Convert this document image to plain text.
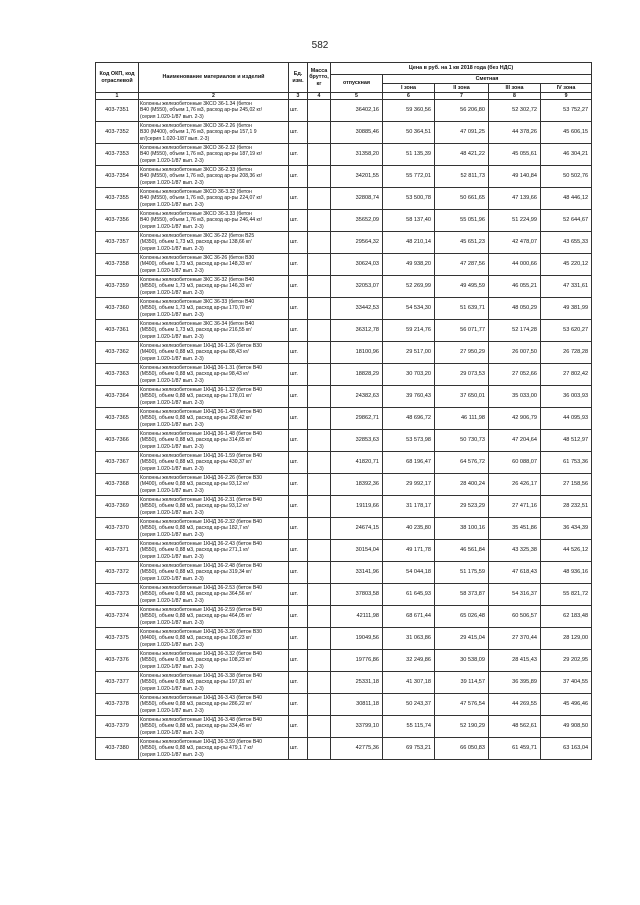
582
Код ОКП, код отраслевой	Наименование материалов и изделий	Ед. изм.	Масса брутто, кг	Цена в руб. на 1 кв 2018 года (без НДС)				
				отпускная	Сметная			
					I зона	II зона	III зона	IV зона
1	2	3	4	5	6	7	8	9
403-7351	Колонны железобетонные 3КСО 36-1.34 (бетон
В40 (М550), объем 1,76 м3, расход ар-ры 245,02 кг/
(серия 1.020-1/87 вып. 2-3)	шт.		36402,16	59 360,56	56 206,80	52 302,72	53 752,27
403-7352	Колонны железобетонные 3КСО 36-2.26 (бетон
В30 (М400), объем 1,76 м3, расход ар-ры 157,1 9
кг/(серия 1.020-1/87 вып. 2-3)	шт.		30885,46	50 364,51	47 091,25	44 378,26	45 606,15
403-7353	Колонны железобетонные 3КСО 36-2.32 (бетон
В40 (М550), объем 1,76 м3, расход ар-ры 187,19 кг/
(серия 1.020-1/87 вып. 2-3)	шт.		31358,20	51 135,39	48 421,22	45 055,61	46 304,21
403-7354	Колонны железобетонные 3КСО 36-2.33 (бетон
В40 (М550), объем 1,76 м3, расход ар-ры 208,36 кг/
(серия 1.020-1/87 вып. 2-3)	шт.		34201,55	55 772,01	52 811,73	49 140,84	50 502,76
403-7355	Колонны железобетонные 3КСО 36-3.32 (бетон
В40 (М550), объем 1,76 м3, расход ар-ры 224,07 кг/
(серия 1.020-1/87 вып. 2-3)	шт.		32808,74	53 500,78	50 661,65	47 139,66	48 446,12
403-7356	Колонны железобетонные 3КСО 36-3.33 (бетон
В40 (М550), объем 1,76 м3, расход ар-ры 246,44 кг/
(серия 1.020-1/87 вып. 2-3)	шт.		35652,09	58 137,40	55 051,96	51 224,99	52 644,67
403-7357	Колонны железобетонные 3КС 36-22 (бетон В25
(М350), объем 1,73 м3, расход ар-ры 138,66 кг/
(серия 1.020-1/87 вып. 2-3)	шт.		29564,32	48 210,14	45 651,23	42 478,07	43 655,33
403-7358	Колонны железобетонные 3КС 36-26 (бетон В30
(М400), объем 1,73 м3, расход ар-ры 148,33 кг/
(серия 1.020-1/87 вып. 2-3)	шт.		30624,03	49 938,20	47 287,56	44 000,66	45 220,12
403-7359	Колонны железобетонные 3КС 36-32 (бетон В40
(М550), объем 1,73 м3, расход ар-ры 146,33 кг/
(серия 1.020-1/87 вып. 2-3)	шт.		32053,07	52 269,99	49 495,59	46 055,21	47 331,61
403-7360	Колонны железобетонные 3КС 36-33 (бетон В40
(М550), объем 1,73 м3, расход ар-ры 170,70 кг/
(серия 1.020-1/87 вып. 2-3)	шт.		33442,53	54 534,30	51 639,71	48 050,29	49 381,99
403-7361	Колонны железобетонные 3КС 36-34 (бетон В40
(М550), объем 1,73 м3, расход ар-ры 216,55 кг/
(серия 1.020-1/87 вып. 2-3)	шт.		36312,78	59 214,76	56 071,77	52 174,28	53 620,27
403-7362	Колонны железобетонные 1КНД 36-1.26 (бетон В30
(М400), объем 0,88 м3, расход ар-ры 88,43 кг/
(серия 1.020-1/87 вып. 2-3)	шт.		18100,96	29 517,00	27 950,29	26 007,50	26 728,28
403-7363	Колонны железобетонные 1КНД 36-1.31 (бетон В40
(М550), объем 0,88 м3, расход ар-ры 98,43 кг/
(серия 1.020-1/87 вып. 2-3)	шт.		18828,29	30 703,20	29 073,53	27 052,66	27 802,42
403-7364	Колонны железобетонные 1КНД 36-1.32 (бетон В40
(М550), объем 0,88 м3, расход ар-ры 178,01 кг/
(серия 1.020-1/87 вып. 2-3)	шт.		24382,63	39 760,43	37 650,01	35 033,00	36 003,93
403-7365	Колонны железобетонные 1КНД 36-1.43 (бетон В40
(М550), объем 0,88 м3, расход ар-ры 268,42 кг/
(серия 1.020-1/87 вып. 2-3)	шт.		29862,71	48 696,72	46 111,98	42 906,79	44 095,93
403-7366	Колонны железобетонные 1КНД 36-1.48 (бетон В40
(М550), объем 0,88 м3, расход ар-ры 314,65 кг/
(серия 1.020-1/87 вып. 2-3)	шт.		32853,63	53 573,98	50 730,73	47 204,64	48 512,97
403-7367	Колонны железобетонные 1КНД 36-1.59 (бетон В40
(М550), объем 0,88 м3, расход ар-ры 430,37 кг/
(серия 1.020-1/87 вып. 2-3)	шт.		41820,71	68 196,47	64 576,72	60 088,07	61 753,36
403-7368	Колонны железобетонные 1КНД 36-2.26 (бетон В30
(М400), объем 0,88 м3, расход ар-ры 93,12 кг/
(серия 1.020-1/87 вып. 2-3)	шт.		18392,36	29 992,17	28 400,24	26 426,17	27 158,56
403-7369	Колонны железобетонные 1КНД 36-2.31 (бетон В40
(М550), объем 0,88 м3, расход ар-ры 93,12 кг/
(серия 1.020-1/87 вып. 2-3)	шт.		19119,66	31 178,17	29 523,29	27 471,16	28 232,51
403-7370	Колонны железобетонные 1КНД 36-2.32 (бетон В40
(М550), объем 0,88 м3, расход ар-ры 182,7 кг/
(серия 1.020-1/87 вып. 2-3)	шт.		24674,15	40 235,80	38 100,16	35 451,86	36 434,39
403-7371	Колонны железобетонные 1КНД 36-2.43 (бетон В40
(М550), объем 0,88 м3, расход ар-ры 271,1 кг/
(серия 1.020-1/87 вып. 2-3)	шт.		30154,04	49 171,78	46 561,84	43 325,38	44 526,12
403-7372	Колонны железобетонные 1КНД 36-2.48 (бетон В40
(М550), объем 0,88 м3, расход ар-ры 319,34 кг/
(серия 1.020-1/87 вып. 2-3)	шт.		33141,96	54 044,18	51 175,59	47 618,43	48 936,16
403-7373	Колонны железобетонные 1КНД 36-2.53 (бетон В40
(М550), объем 0,88 м3, расход ар-ры 364,56 кг/
(серия 1.020-1/87 вып. 2-3)	шт.		37803,58	61 645,93	58 373,87	54 316,37	55 821,72
403-7374	Колонны железобетонные 1КНД 36-2.59 (бетон В40
(М550), объем 0,88 м3, расход ар-ры 464,05 кг/
(серия 1.020-1/87 вып. 2-3)	шт.		42111,98	68 671,44	65 026,48	60 506,57	62 183,48
403-7375	Колонны железобетонные 1КНД 36-3.26 (бетон В30
(М400), объем 0,88 м3, расход ар-ры 108,23 кг/
(серия 1.020-1/87 вып. 2-3)	шт.		19049,56	31 063,86	29 415,04	27 370,44	28 129,00
403-7376	Колонны железобетонные 1КНД 36-3.32 (бетон В40
(М550), объем 0,88 м3, расход ар-ры 108,23 кг/
(серия 1.020-1/87 вып. 2-3)	шт.		19776,86	32 249,86	30 538,09	28 415,43	29 202,95
403-7377	Колонны железобетонные 1КНД 36-3.38 (бетон В40
(М550), объем 0,88 м3, расход ар-ры 197,81 кг/
(серия 1.020-1/87 вып. 2-3)	шт.		25331,18	41 307,18	39 114,57	36 395,89	37 404,55
403-7378	Колонны железобетонные 1КНД 36-3.43 (бетон В40
(М550), объем 0,88 м3, расход ар-ры 286,22 кг/
(серия 1.020-1/87 вып. 2-3)	шт.		30811,18	50 243,37	47 576,54	44 269,55	45 496,46
403-7379	Колонны железобетонные 1КНД 36-3.48 (бетон В40
(М550), объем 0,88 м3, расход ар-ры 334,45 кг/
(серия 1.020-1/87 вып. 2-3)	шт.		33799,10	55 115,74	52 190,29	48 562,61	49 908,50
403-7380	Колонны железобетонные 1КНД 36-3.59 (бетон В40
(М550), объем 0,88 м3, расход ар-ры 479,1 7 кг/
(серия 1.020-1/87 вып. 2-3)	шт.		42775,36	69 753,21	66 050,83	61 459,71	63 163,04
